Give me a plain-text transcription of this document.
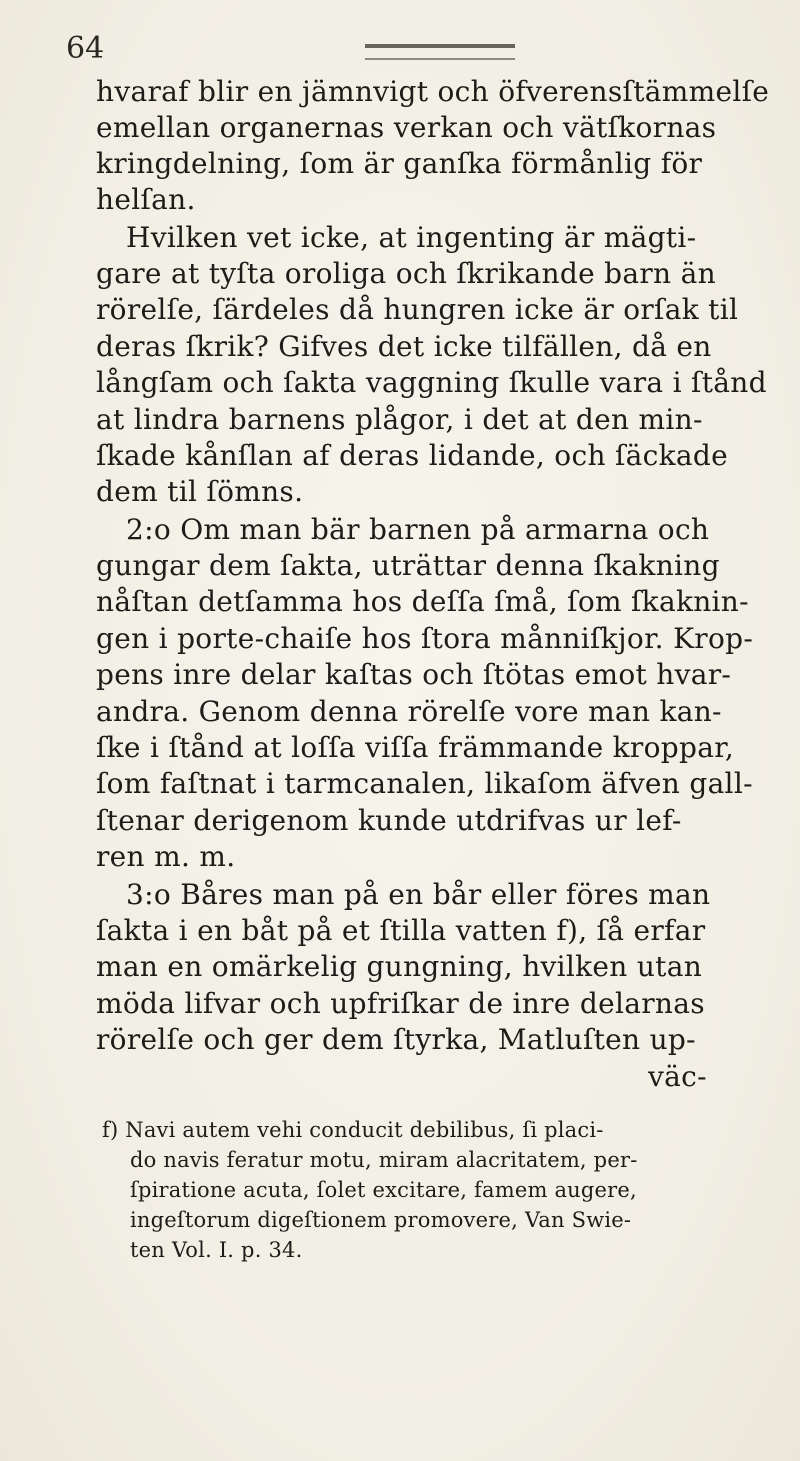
64
hvaraf blir en jämnvigt och öfverensſtämmelſe
emellan organernas verkan och vätſkornas
kringdelning, ſom är ganſka förmånlig för
helſan.
Hvilken vet icke, at ingenting är mägti-
gare at tyſta oroliga och ſkrikande barn än
rörelſe, ſärdeles då hungren icke är orſak til
deras ſkrik? Gifves det icke tilfällen, då en
långſam och ſakta vaggning ſkulle vara i ſtånd
at lindra barnens plågor, i det at den min-
ſkade kånſlan af deras lidande, och ſäckade
dem til ſömns.
2:o Om man bär barnen på armarna och
gungar dem ſakta, uträttar denna ſkakning
nåſtan detſamma hos deſſa ſmå, ſom ſkaknin-
gen i porte-chaiſe hos ſtora månniſkjor. Krop-
pens inre delar kaſtas och ſtötas emot hvar-
andra. Genom denna rörelſe vore man kan-
ſke i ſtånd at loſſa viſſa främmande kroppar,
ſom faſtnat i tarmcanalen, likaſom äfven gall-
ſtenar derigenom kunde utdrifvas ur lef-
ren m. m.
3:o Båres man på en bår eller föres man
ſakta i en båt på et ſtilla vatten f), ſå erfar
man en omärkelig gungning, hvilken utan
möda lifvar och upfriſkar de inre delarnas
rörelſe och ger dem ſtyrka, Matluſten up-
väc-
f) Navi autem vehi conducit debilibus, ſi placi-
do navis feratur motu, miram alacritatem, per-
ſpiratione acuta, ſolet excitare, famem augere,
ingeſtorum digeſtionem promovere, Van Swie-
ten Vol. I. p. 34.
